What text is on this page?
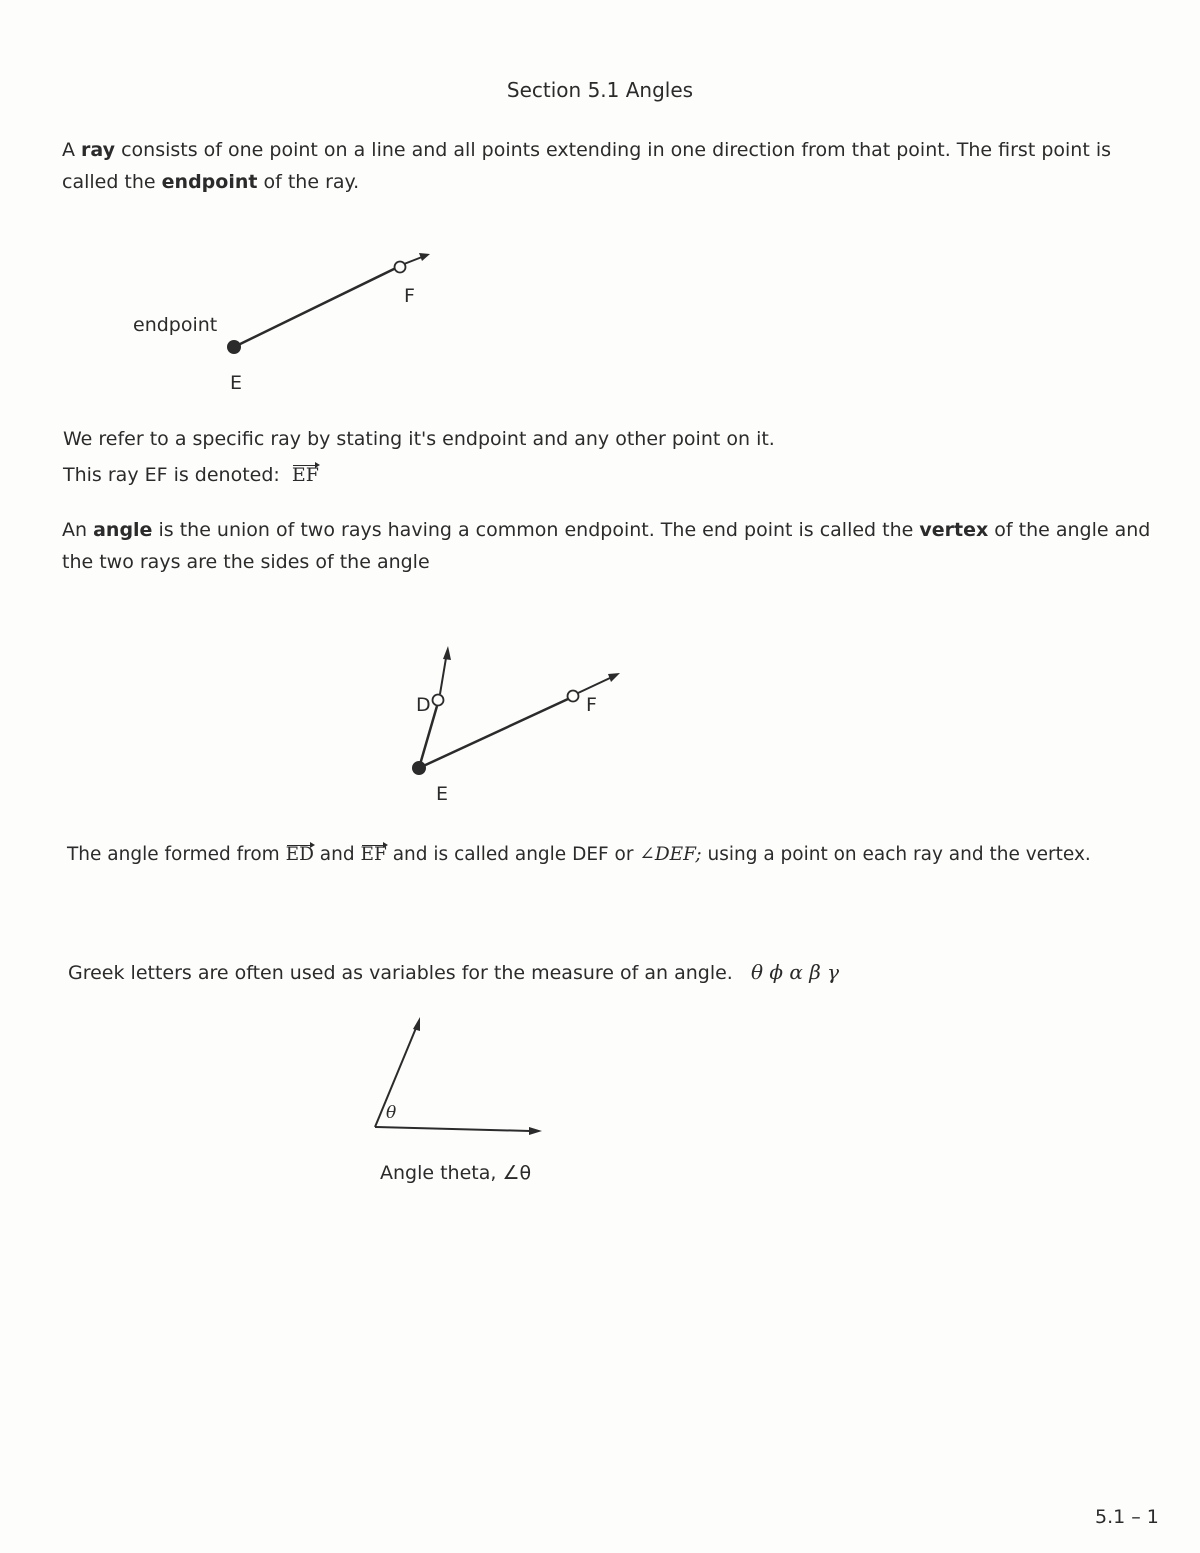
Section 5.1 Angles
A ray consists of one point on a line and all points extending in one direction from that point. The first point is called the endpoint of the ray.
endpoint
E
F
We refer to a specific ray by stating it's endpoint and any other point on it.
This ray EF is denoted: EF
An angle is the union of two rays having a common endpoint. The end point is called the vertex of the angle and the two rays are the sides of the angle
D
E
F
The angle formed from ED and EF and is called angle DEF or ∠DEF; using a point on each ray and the vertex.
Greek letters are often used as variables for the measure of an angle. θ ϕ α β γ
θ
Angle theta, ∠θ
5.1 – 1
